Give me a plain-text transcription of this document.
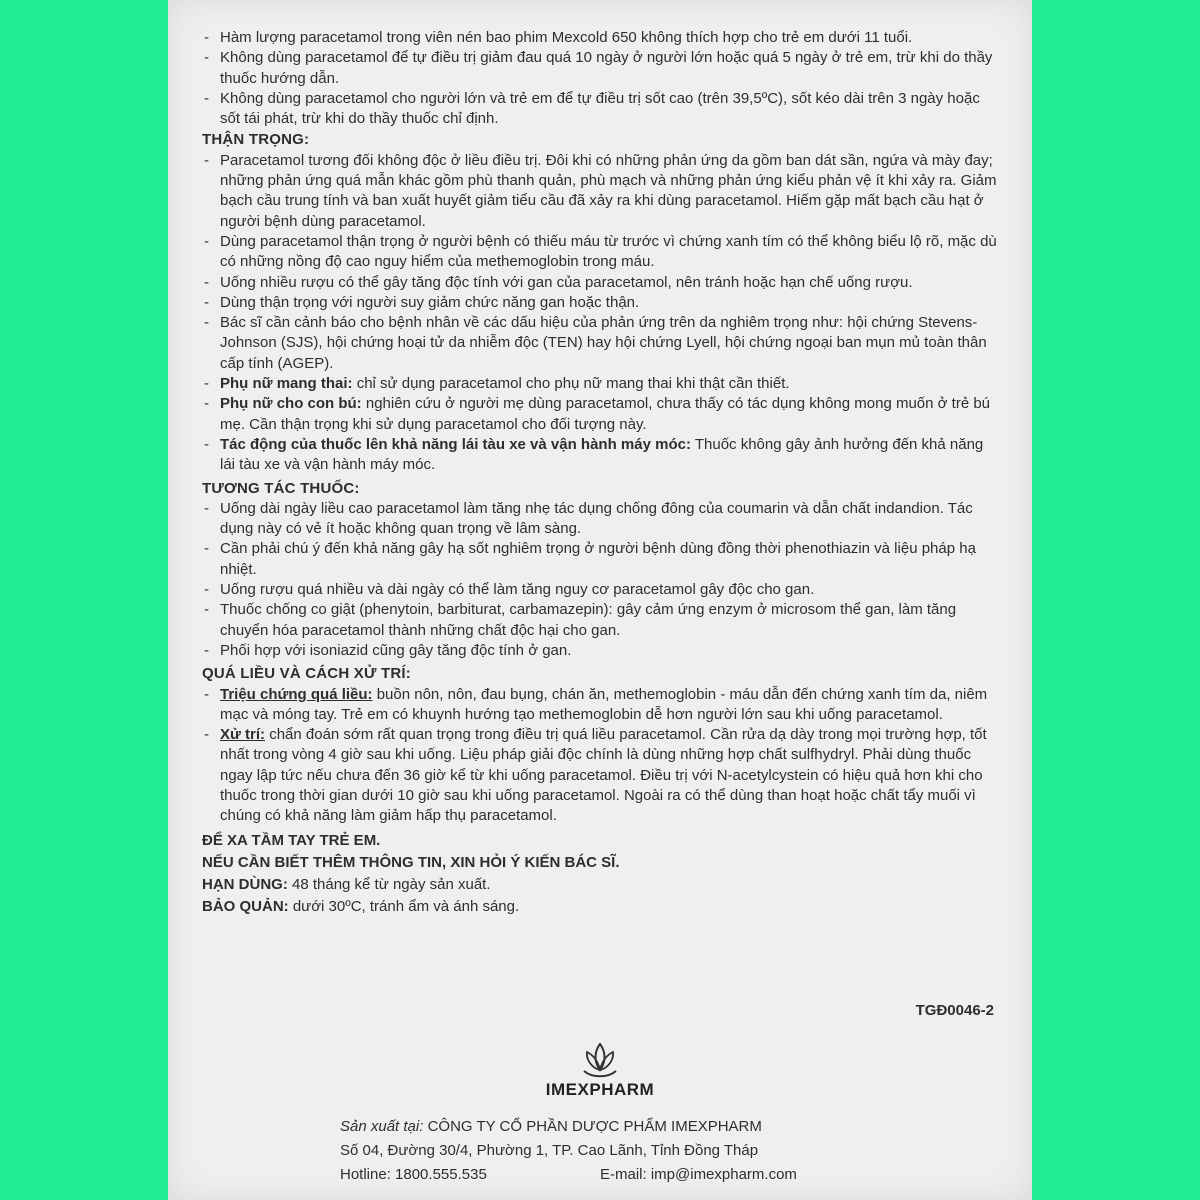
- Hàm lượng paracetamol trong viên nén bao phim Mexcold 650 không thích hợp cho trẻ em dưới 11 tuổi.
- Không dùng paracetamol để tự điều trị giảm đau quá 10 ngày ở người lớn hoặc quá 5 ngày ở trẻ em, trừ khi do thầy thuốc hướng dẫn.
- Không dùng paracetamol cho người lớn và trẻ em để tự điều trị sốt cao (trên 39,5ºC), sốt kéo dài trên 3 ngày hoặc sốt tái phát, trừ khi do thầy thuốc chỉ định.
THẬN TRỌNG:
- Paracetamol tương đối không độc ở liều điều trị. Đôi khi có những phản ứng da gồm ban dát sần, ngứa và mày đay; những phản ứng quá mẫn khác gồm phù thanh quản, phù mạch và những phản ứng kiểu phản vệ ít khi xảy ra. Giảm bạch cầu trung tính và ban xuất huyết giảm tiểu cầu đã xảy ra khi dùng paracetamol. Hiếm gặp mất bạch cầu hạt ở người bệnh dùng paracetamol.
- Dùng paracetamol thận trọng ở người bệnh có thiếu máu từ trước vì chứng xanh tím có thể không biểu lộ rõ, mặc dù có những nồng độ cao nguy hiểm của methemoglobin trong máu.
- Uống nhiều rượu có thể gây tăng độc tính với gan của paracetamol, nên tránh hoặc hạn chế uống rượu.
- Dùng thận trọng với người suy giảm chức năng gan hoặc thận.
- Bác sĩ cần cảnh báo cho bệnh nhân về các dấu hiệu của phản ứng trên da nghiêm trọng như: hội chứng Stevens-Johnson (SJS), hội chứng hoại tử da nhiễm độc (TEN) hay hội chứng Lyell, hội chứng ngoại ban mụn mủ toàn thân cấp tính (AGEP).
- Phụ nữ mang thai: chỉ sử dụng paracetamol cho phụ nữ mang thai khi thật cần thiết.
- Phụ nữ cho con bú: nghiên cứu ở người mẹ dùng paracetamol, chưa thấy có tác dụng không mong muốn ở trẻ bú mẹ. Cần thận trọng khi sử dụng paracetamol cho đối tượng này.
- Tác động của thuốc lên khả năng lái tàu xe và vận hành máy móc: Thuốc không gây ảnh hưởng đến khả năng lái tàu xe và vận hành máy móc.
TƯƠNG TÁC THUỐC:
- Uống dài ngày liều cao paracetamol làm tăng nhẹ tác dụng chống đông của coumarin và dẫn chất indandion. Tác dụng này có vẻ ít hoặc không quan trọng về lâm sàng.
- Cần phải chú ý đến khả năng gây hạ sốt nghiêm trọng ở người bệnh dùng đồng thời phenothiazin và liệu pháp hạ nhiệt.
- Uống rượu quá nhiều và dài ngày có thể làm tăng nguy cơ paracetamol gây độc cho gan.
- Thuốc chống co giật (phenytoin, barbiturat, carbamazepin): gây cảm ứng enzym ở microsom thể gan, làm tăng chuyển hóa paracetamol thành những chất độc hại cho gan.
- Phối hợp với isoniazid cũng gây tăng độc tính ở gan.
QUÁ LIỀU VÀ CÁCH XỬ TRÍ:
- Triệu chứng quá liều: buồn nôn, nôn, đau bụng, chán ăn, methemoglobin - máu dẫn đến chứng xanh tím da, niêm mạc và móng tay. Trẻ em có khuynh hướng tạo methemoglobin dễ hơn người lớn sau khi uống paracetamol.
- Xử trí: chẩn đoán sớm rất quan trọng trong điều trị quá liều paracetamol. Cần rửa dạ dày trong mọi trường hợp, tốt nhất trong vòng 4 giờ sau khi uống. Liệu pháp giải độc chính là dùng những hợp chất sulfhydryl. Phải dùng thuốc ngay lập tức nếu chưa đến 36 giờ kể từ khi uống paracetamol. Điều trị với N-acetylcystein có hiệu quả hơn khi cho thuốc trong thời gian dưới 10 giờ sau khi uống paracetamol. Ngoài ra có thể dùng than hoạt hoặc chất tẩy muối vì chúng có khả năng làm giảm hấp thụ paracetamol.
ĐỂ XA TẦM TAY TRẺ EM.
NẾU CẦN BIẾT THÊM THÔNG TIN, XIN HỎI Ý KIẾN BÁC SĨ.
HẠN DÙNG: 48 tháng kể từ ngày sản xuất.
BẢO QUẢN: dưới 30ºC, tránh ẩm và ánh sáng.
TGĐ0046-2
IMEXPHARM
Sản xuất tại: CÔNG TY CỔ PHẦN DƯỢC PHẨM IMEXPHARM
Số 04, Đường 30/4, Phường 1, TP. Cao Lãnh, Tỉnh Đồng Tháp
Hotline: 1800.555.535	E-mail: imp@imexpharm.com
